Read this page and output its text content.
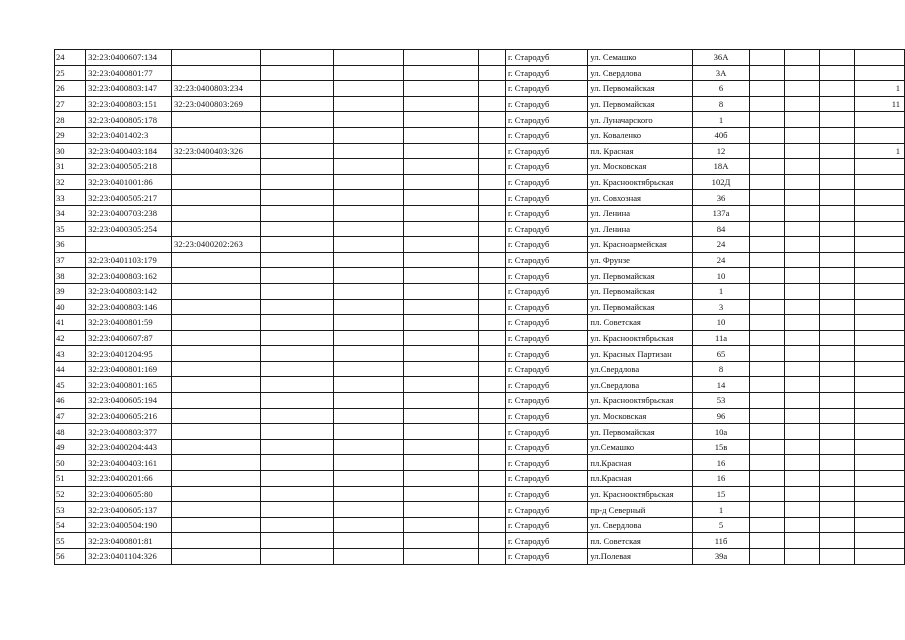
24	32:23:0400607:134						г. Стародуб	ул. Семашко	36А				
25	32:23:0400801:77						г. Стародуб	ул. Свердлова	3А				
26	32:23:0400803:147	32:23:0400803:234					г. Стародуб	ул. Первомайская	6				1
27	32:23:0400803:151	32:23:0400803:269					г. Стародуб	ул. Первомайская	8				11
28	32:23:0400805:178						г. Стародуб	ул. Луначарского	1				
29	32:23:0401402:3						г. Стародуб	ул. Коваленко	40б				
30	32:23:0400403:184	32:23:0400403:326					г. Стародуб	пл. Красная	12				1
31	32:23:0400505:218						г. Стародуб	ул. Московская	18А				
32	32:23:0401001:86						г. Стародуб	ул. Краснооктябрьская	102Д				
33	32:23:0400505:217						г. Стародуб	ул. Совхозная	36				
34	32:23:0400703:238						г. Стародуб	ул. Ленина	137а				
35	32:23:0400305:254						г. Стародуб	ул. Ленина	84				
36		32:23:0400202:263					г. Стародуб	ул. Красноармейская	24				
37	32:23:0401103:179						г. Стародуб	ул. Фрунзе	24				
38	32:23:0400803:162						г. Стародуб	ул. Первомайская	10				
39	32:23:0400803:142						г. Стародуб	ул. Первомайская	1				
40	32:23:0400803:146						г. Стародуб	ул. Первомайская	3				
41	32:23:0400801:59						г. Стародуб	пл. Советская	10				
42	32:23:0400607:87						г. Стародуб	ул. Краснооктябрьская	11а				
43	32:23:0401204:95						г. Стародуб	ул. Красных Партизан	65				
44	32:23:0400801:169						г. Стародуб	ул.Свердлова	8				
45	32:23:0400801:165						г. Стародуб	ул.Свердлова	14				
46	32:23:0400605:194						г. Стародуб	ул. Краснооктябрьская	53				
47	32:23:0400605:216						г. Стародуб	ул. Московская	96				
48	32:23:0400803:377						г. Стародуб	ул. Первомайская	10а				
49	32:23:0400204:443						г. Стародуб	ул.Семашко	15в				
50	32:23:0400403:161						г. Стародуб	пл.Красная	16				
51	32:23:0400201:66						г. Стародуб	пл.Красная	16				
52	32:23:0400605:80						г. Стародуб	ул. Краснооктябрьская	15				
53	32:23:0400605:137						г. Стародуб	пр-д Северный	1				
54	32:23:0400504:190						г. Стародуб	ул. Свердлова	5				
55	32:23:0400801:81						г. Стародуб	пл. Советская	11б				
56	32:23:0401104:326						г. Стародуб	ул.Полевая	39а				
